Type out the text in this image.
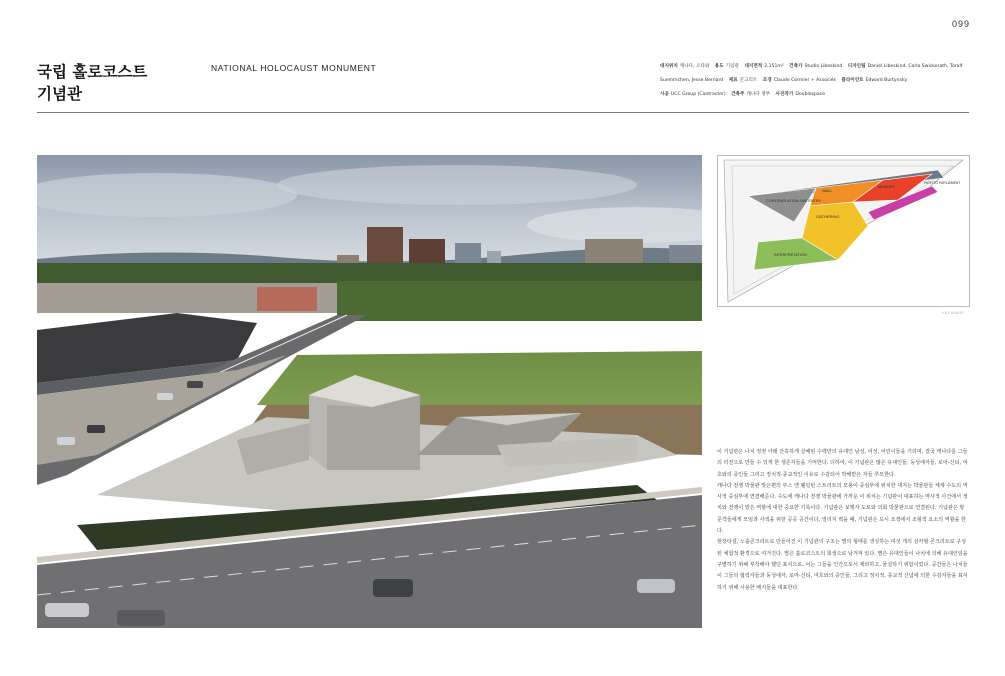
099
국립 홀로코스트
기념관
NATIONAL HOLOCAUST MONUMENT	대지위치 캐나다, 오타와 용도 기념관 대지면적 2,151m² 건축가 Studio Libeskind 디자인팀 Daniel Libeskind, Carla Swickerath, Toralf Suemmchen, Jesse Bernard 재료 콘크리트 조경 Claude Cormier + Associés 클라이언트 Edward Burtynsky 시공 UCC Group (Contractor) 건축주 캐나다 정부 사진작가 Doublespace
CONTEMPLATION AND ENTRY
GATHERING
INTERPRETATION
WALL
MEMORY
PATH TO PARLIAMENT
KEY IMAGE

이 기념관은 나치 정권 아래 잔혹하게 살해된 수백만의 유대인 남성, 여성, 어린이들을 기리며, 결국 캐나다를 그들의 터전으로 만들 수 있게 한 생존자들을 기억한다. 더하여, 이 기념관은 많은 유대인들, 동성애자들, 로마-신티, 여호와의 증인들 그리고 정치적·종교적인 이유로 수감되어 박해받은 자들 추모한다.

캐나다 전쟁 박물관 맞은편의 부스 앤 웰링턴 스트리트의 모퉁이 중심부에 위치한 대지는 박물관들 체계 수도의 역사적 중심부에 연결해준다. 수도에 캐나다 전쟁 박물관에 가까운 이 위치는 기념관이 대표하는 역사적 사건에서 정치와 전쟁이 맡은 역할에 대한 중요한 기록이다. 기념관은 보행자 도로와 의회 박물관으로 연결된다. 기념관은 방문객들에게 모임과 사색을 위한 공공 공간이다. 열리지 벽을 때, 기념관은 도시 조경에서 조형적 요소의 역할을 한다.

현장타설, 노출콘크리트로 만들어진 이 기념관의 구조는 별의 형태를 생성하는 여섯 개의 삼각형 콘크리트로 구성된 체험적 환경으로 여겨진다. 별은 홀로코스트의 희생으로 남겨져 있다. 별은 유대인들이 나치에 의해 유대인임을 구별하기 위해 부착해야 했던 표식으로, 이는 그들을 인간으로서 제외하고, 물살하기 위함이었다. 공간들은 나치들이 그들의 협력자들과 동성애자, 로마-신티, 여호와의 증인들, 그리고 정치적, 종교적 신념에 의한 수감자들을 표식하기 위해 사용한 배지들을 대표한다.
